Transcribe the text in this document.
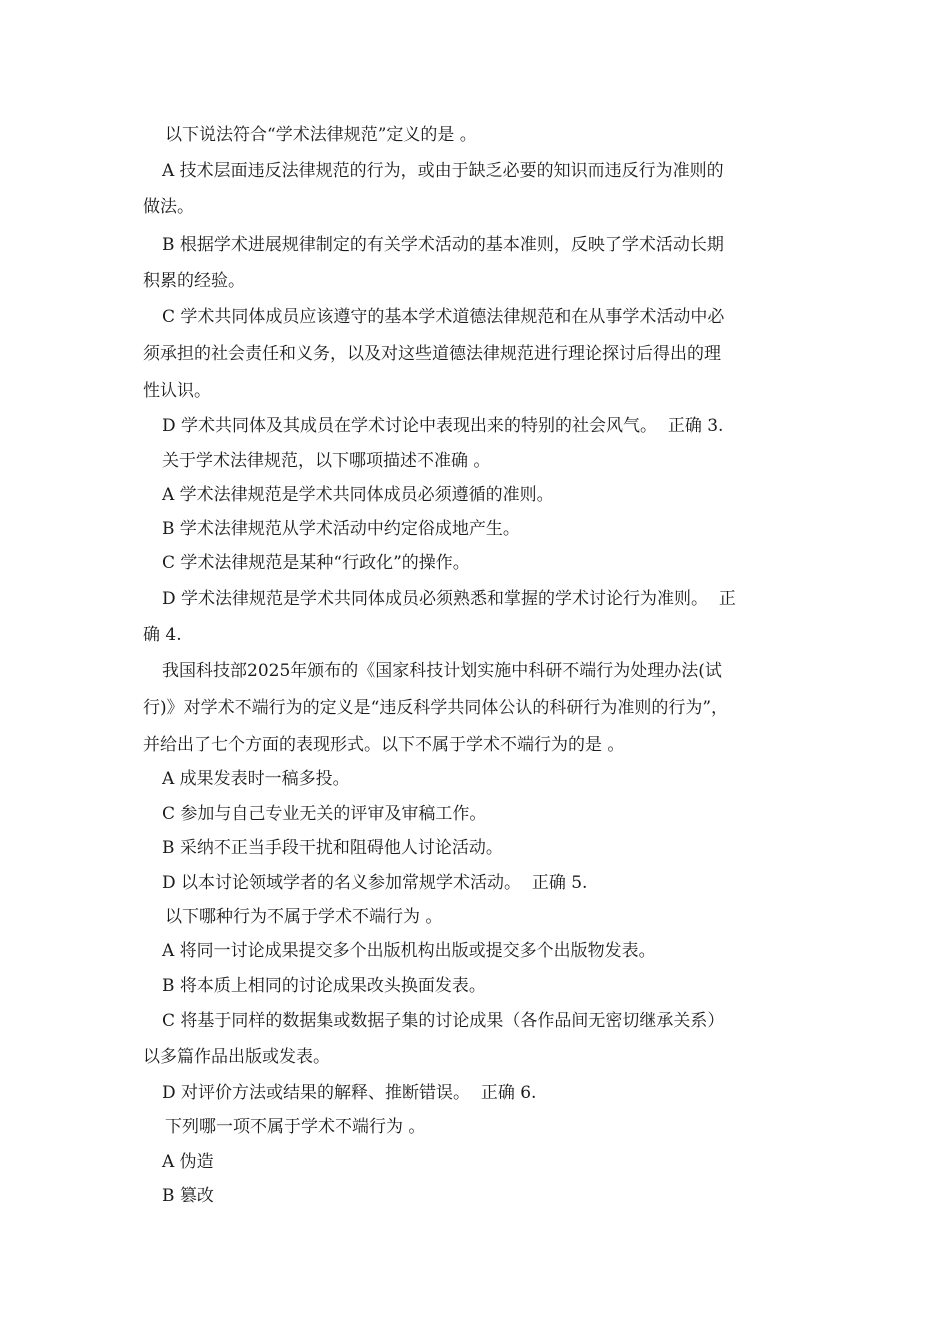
以下说法符合“学术法律规范”定义的是 。
A 技术层面违反法律规范的行为，或由于缺乏必要的知识而违反行为准则的
做法。
B 根据学术进展规律制定的有关学术活动的基本准则，反映了学术活动长期
积累的经验。
C 学术共同体成员应该遵守的基本学术道德法律规范和在从事学术活动中必
须承担的社会责任和义务，以及对这些道德法律规范进行理论探讨后得出的理
性认识。
D 学术共同体及其成员在学术讨论中表现出来的特别的社会风气。  正确 3.
关于学术法律规范，以下哪项描述不准确 。
A 学术法律规范是学术共同体成员必须遵循的准则。
B 学术法律规范从学术活动中约定俗成地产生。
C 学术法律规范是某种“行政化”的操作。
D 学术法律规范是学术共同体成员必须熟悉和掌握的学术讨论行为准则。  正
确 4.
我国科技部2025年颁布的《国家科技计划实施中科研不端行为处理办法(试
行)》对学术不端行为的定义是“违反科学共同体公认的科研行为准则的行为”，
并给出了七个方面的表现形式。以下不属于学术不端行为的是 。
A 成果发表时一稿多投。
C 参加与自己专业无关的评审及审稿工作。
B 采纳不正当手段干扰和阻碍他人讨论活动。
D 以本讨论领域学者的名义参加常规学术活动。  正确 5.
以下哪种行为不属于学术不端行为 。
A 将同一讨论成果提交多个出版机构出版或提交多个出版物发表。
B 将本质上相同的讨论成果改头换面发表。
C 将基于同样的数据集或数据子集的讨论成果（各作品间无密切继承关系）
以多篇作品出版或发表。
D 对评价方法或结果的解释、推断错误。  正确 6.
下列哪一项不属于学术不端行为 。
A 伪造
B 篡改
